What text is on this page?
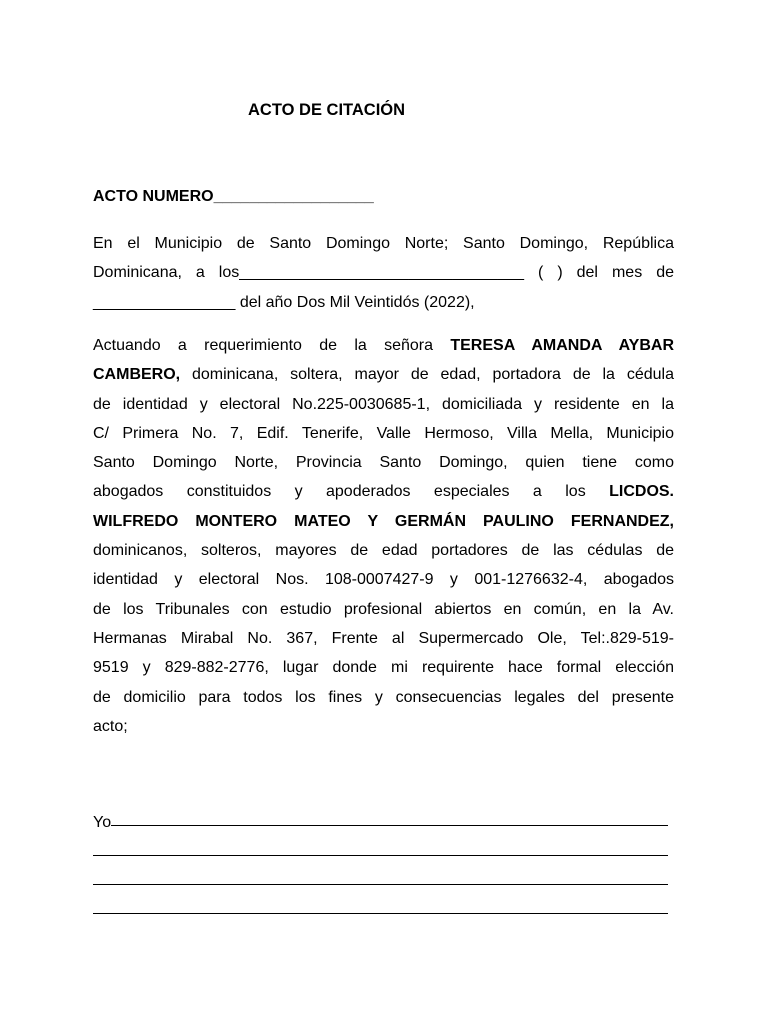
ACTO DE CITACIÓN
ACTO NUMERO__________________
En el Municipio de Santo Domingo Norte; Santo Domingo, República
Dominicana, a los________________________________ ( ) del mes de
________________ del año Dos Mil Veintidós (2022),
Actuando a requerimiento de la señora TERESA AMANDA AYBAR
CAMBERO, dominicana, soltera, mayor de edad, portadora de la cédula
de identidad y electoral No.225-0030685-1, domiciliada y residente en la
C/ Primera No. 7, Edif. Tenerife, Valle Hermoso, Villa Mella, Municipio
Santo Domingo Norte, Provincia Santo Domingo, quien tiene como
abogados constituidos y apoderados especiales a los LICDOS.
WILFREDO MONTERO MATEO Y GERMÁN PAULINO FERNANDEZ,
dominicanos, solteros, mayores de edad portadores de las cédulas de
identidad y electoral Nos. 108-0007427-9 y 001-1276632-4, abogados
de los Tribunales con estudio profesional abiertos en común, en la Av.
Hermanas Mirabal No. 367, Frente al Supermercado Ole, Tel:.829-519-
9519 y 829-882-2776, lugar donde mi requirente hace formal elección
de domicilio para todos los fines y consecuencias legales del presente
acto;
Yo
